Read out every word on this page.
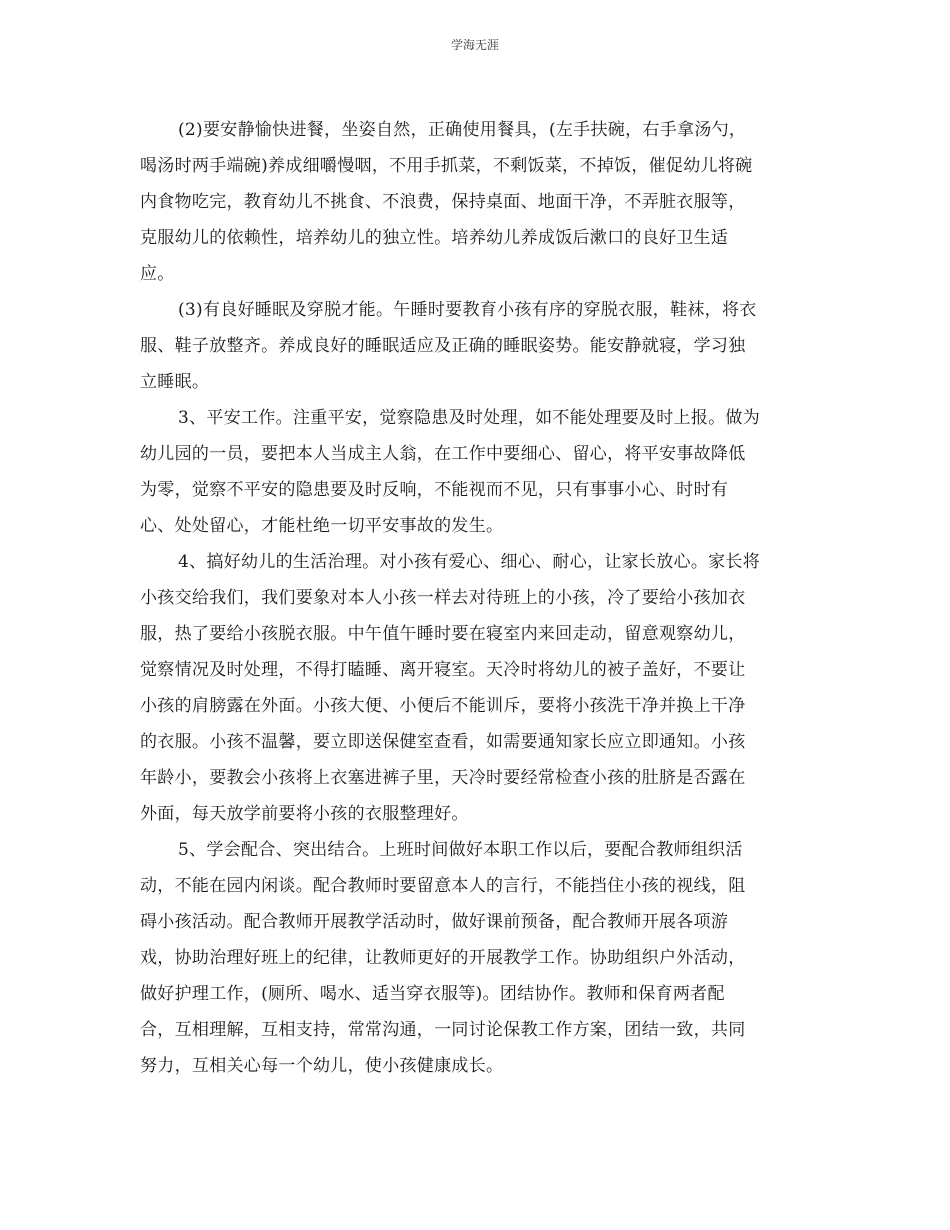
学海无涯

(2)要安静愉快进餐，坐姿自然，正确使用餐具，(左手扶碗，右手拿汤勺，
喝汤时两手端碗)养成细嚼慢咽，不用手抓菜，不剩饭菜，不掉饭，催促幼儿将碗
内食物吃完，教育幼儿不挑食、不浪费，保持桌面、地面干净，不弄脏衣服等，
克服幼儿的依赖性，培养幼儿的独立性。培养幼儿养成饭后漱口的良好卫生适
应。

(3)有良好睡眠及穿脱才能。午睡时要教育小孩有序的穿脱衣服，鞋袜，将衣
服、鞋子放整齐。养成良好的睡眠适应及正确的睡眠姿势。能安静就寝，学习独
立睡眠。

3、平安工作。注重平安，觉察隐患及时处理，如不能处理要及时上报。做为
幼儿园的一员，要把本人当成主人翁，在工作中要细心、留心，将平安事故降低
为零，觉察不平安的隐患要及时反响，不能视而不见，只有事事小心、时时有
心、处处留心，才能杜绝一切平安事故的发生。

4、搞好幼儿的生活治理。对小孩有爱心、细心、耐心，让家长放心。家长将
小孩交给我们，我们要象对本人小孩一样去对待班上的小孩，冷了要给小孩加衣
服，热了要给小孩脱衣服。中午值午睡时要在寝室内来回走动，留意观察幼儿，
觉察情况及时处理，不得打瞌睡、离开寝室。天冷时将幼儿的被子盖好，不要让
小孩的肩膀露在外面。小孩大便、小便后不能训斥，要将小孩洗干净并换上干净
的衣服。小孩不温馨，要立即送保健室查看，如需要通知家长应立即通知。小孩
年龄小，要教会小孩将上衣塞进裤子里，天冷时要经常检查小孩的肚脐是否露在
外面，每天放学前要将小孩的衣服整理好。

5、学会配合、突出结合。上班时间做好本职工作以后，要配合教师组织活
动，不能在园内闲谈。配合教师时要留意本人的言行，不能挡住小孩的视线，阻
碍小孩活动。配合教师开展教学活动时，做好课前预备，配合教师开展各项游
戏，协助治理好班上的纪律，让教师更好的开展教学工作。协助组织户外活动，
做好护理工作，(厕所、喝水、适当穿衣服等)。团结协作。教师和保育两者配
合，互相理解，互相支持，常常沟通，一同讨论保教工作方案，团结一致，共同
努力，互相关心每一个幼儿，使小孩健康成长。
